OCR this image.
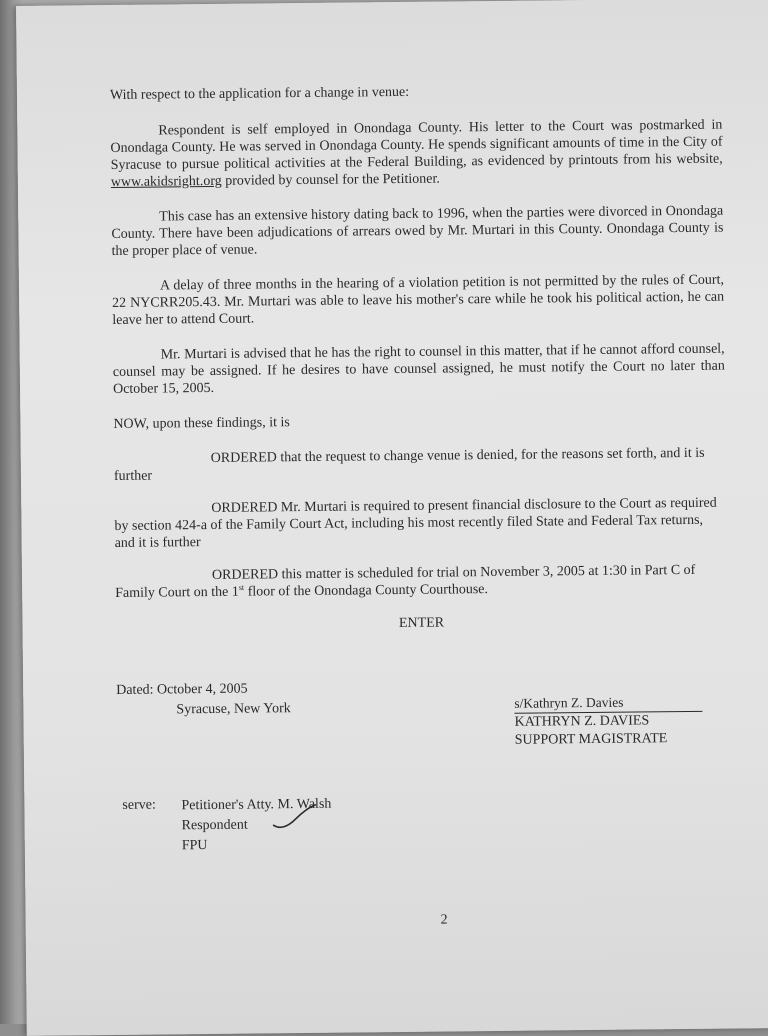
With respect to the application for a change in venue:

Respondent is self employed in Onondaga County. His letter to the Court was postmarked in Onondaga County. He was served in Onondaga County. He spends significant amounts of time in the City of Syracuse to pursue political activities at the Federal Building, as evidenced by printouts from his website, www.akidsright.org provided by counsel for the Petitioner.

This case has an extensive history dating back to 1996, when the parties were divorced in Onondaga County. There have been adjudications of arrears owed by Mr. Murtari in this County. Onondaga County is the proper place of venue.

A delay of three months in the hearing of a violation petition is not permitted by the rules of Court, 22 NYCRR205.43. Mr. Murtari was able to leave his mother's care while he took his political action, he can leave her to attend Court.

Mr. Murtari is advised that he has the right to counsel in this matter, that if he cannot afford counsel, counsel may be assigned. If he desires to have counsel assigned, he must notify the Court no later than October 15, 2005.

NOW, upon these findings, it is

ORDERED that the request to change venue is denied, for the reasons set forth, and it is further

ORDERED Mr. Murtari is required to present financial disclosure to the Court as required by section 424-a of the Family Court Act, including his most recently filed State and Federal Tax returns, and it is further

ORDERED this matter is scheduled for trial on November 3, 2005 at 1:30 in Part C of Family Court on the 1st floor of the Onondaga County Courthouse.

ENTER

Dated: October 4, 2005
Syracuse, New York	s/Kathryn Z. Davies
KATHRYN Z. DAVIES
SUPPORT MAGISTRATE
serve: Petitioner's Atty. M. Walsh
Respondent
FPU
2
